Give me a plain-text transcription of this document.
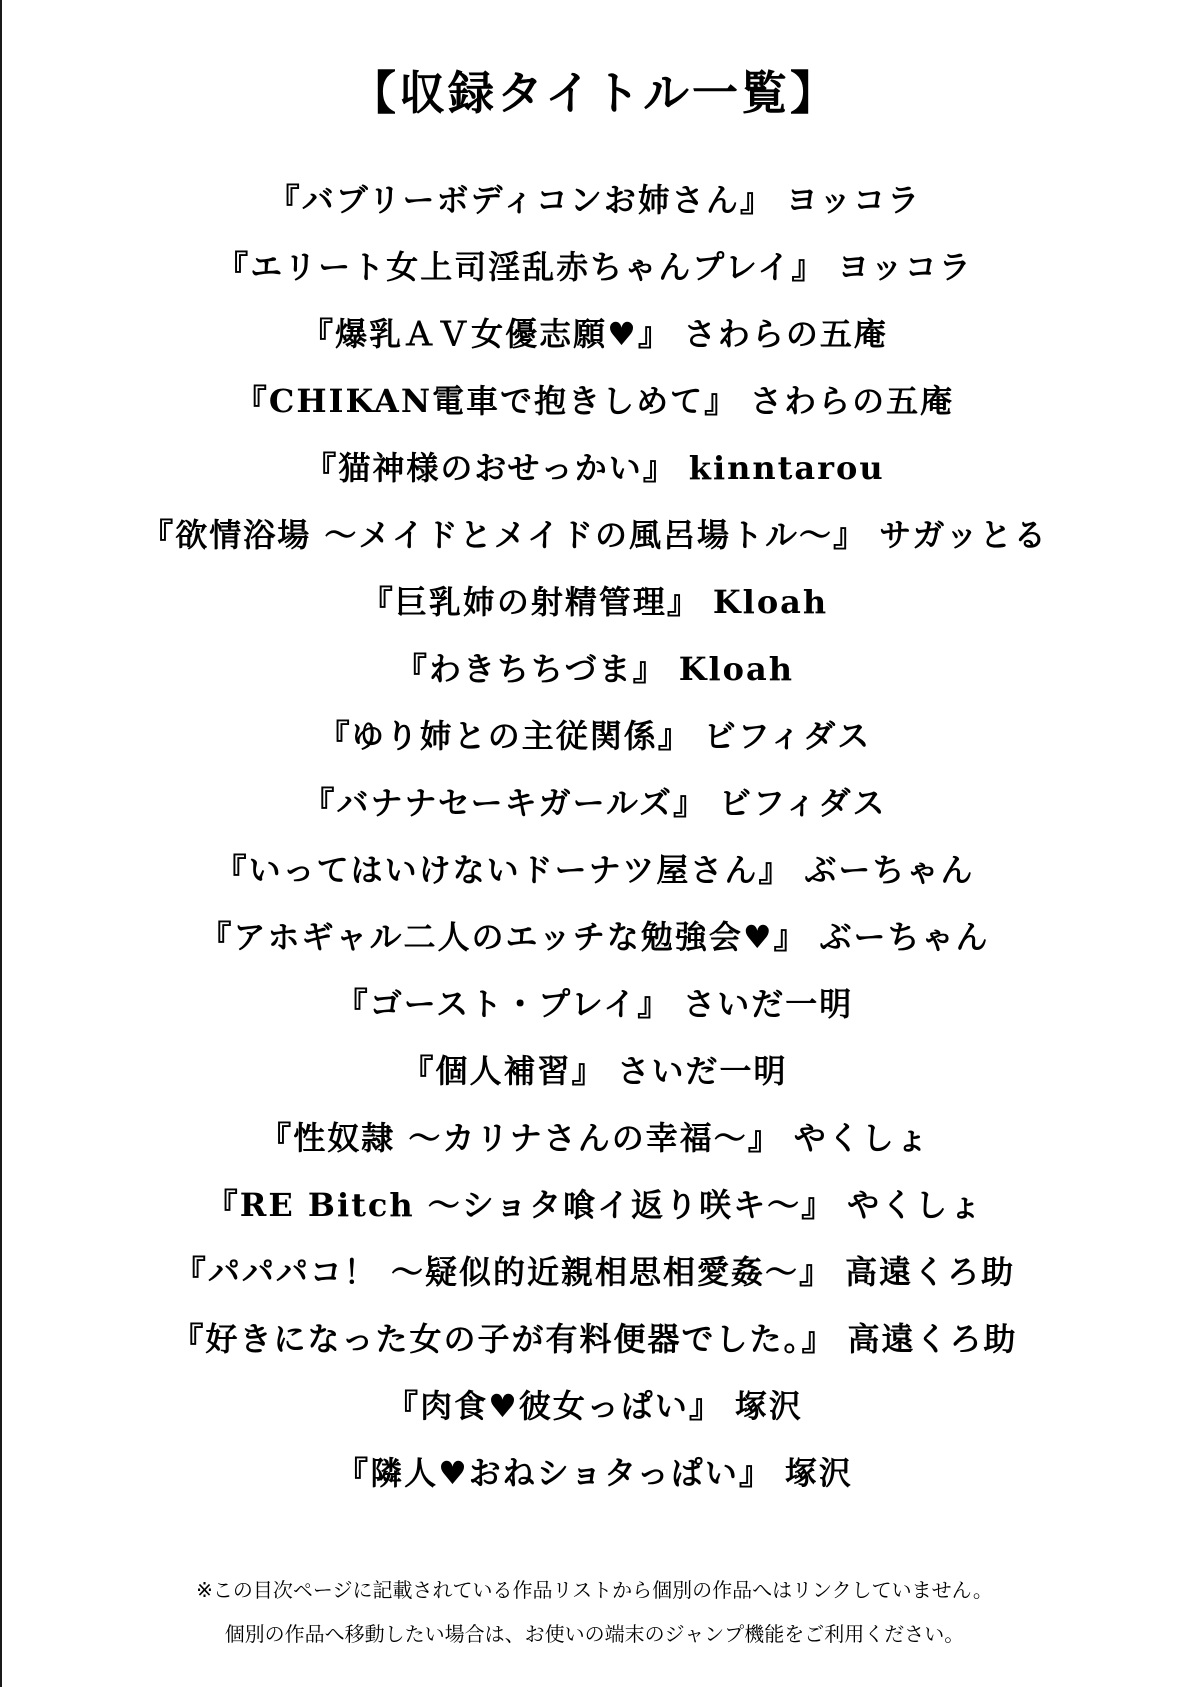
【収録タイトル一覧】
『バブリーボディコンお姉さん』 ヨッコラ
『エリート女上司淫乱赤ちゃんプレイ』 ヨッコラ
『爆乳ＡＶ女優志願♥』 さわらの五庵
『CHIKAN電車で抱きしめて』 さわらの五庵
『猫神様のおせっかい』 kinntarou
『欲情浴場 ～メイドとメイドの風呂場トル～』 サガッとる
『巨乳姉の射精管理』 Kloah
『わきちちづま』 Kloah
『ゆり姉との主従関係』 ビフィダス
『バナナセーキガールズ』 ビフィダス
『いってはいけないドーナツ屋さん』 ぶーちゃん
『アホギャル二人のエッチな勉強会♥』 ぶーちゃん
『ゴースト・プレイ』 さいだ一明
『個人補習』 さいだ一明
『性奴隷 ～カリナさんの幸福～』 やくしょ
『RE Bitch ～ショタ喰イ返り咲キ～』 やくしょ
『パパパコ！ ～疑似的近親相思相愛姦～』 高遠くろ助
『好きになった女の子が有料便器でした。』 高遠くろ助
『肉食♥彼女っぱい』 塚沢
『隣人♥おねショタっぱい』 塚沢
※この目次ページに記載されている作品リストから個別の作品へはリンクしていません。
個別の作品へ移動したい場合は、お使いの端末のジャンプ機能をご利用ください。
